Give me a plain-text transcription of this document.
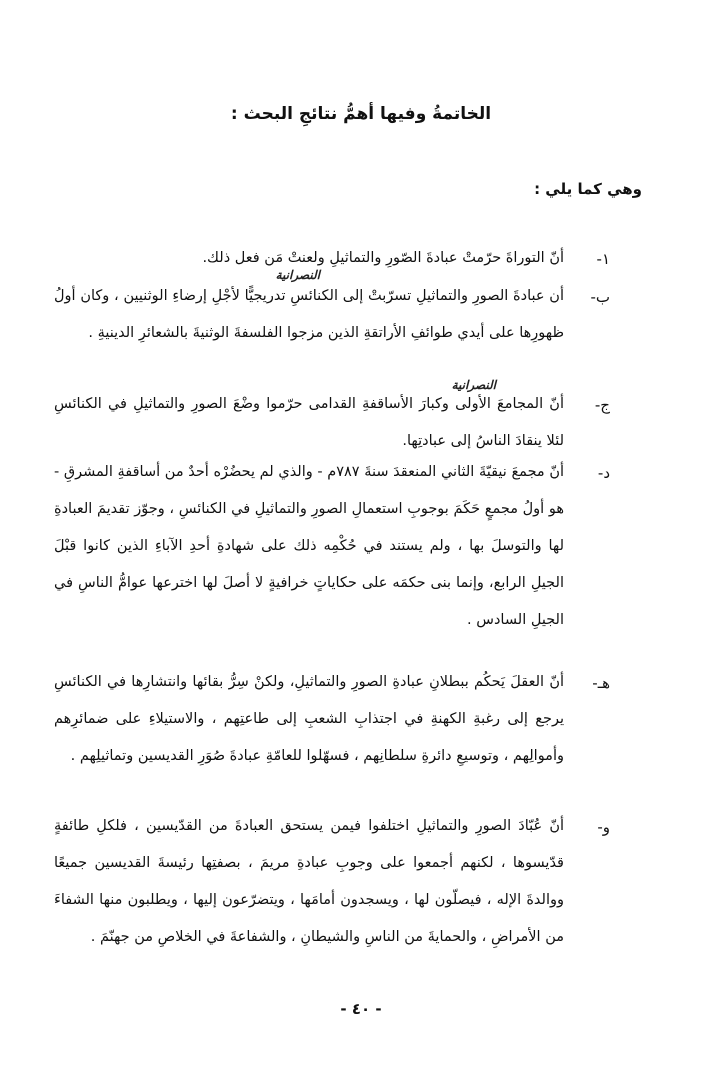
الخاتمةُ وفيها أهمُّ نتائجِ البحث :
وهي كما يلي :
١-
أنّ التوراةَ حرّمتْ عبادةَ الصّورِ والتماثيلِ ولعنتْ مَن فعل ذلك.
النصرانية
ب-
أن عبادةَ الصورِ والتماثيلِ تسرّبتْ إلى الكنائسِ تدريجيًّا لأجْلِ إرضاءِ الوثنيين ، وكان أولُ ظهورِها على أيدي طوائفِ الأراتقةِ الذين مزجوا الفلسفةَ الوثنيةَ بالشعائرِ الدينيةِ .
النصرانية
ج-
أنّ المجامعَ الأولى وكبارَ الأساقفةِ القدامى حرّموا وضْعَ الصورِ والتماثيلِ في الكنائسِ لئلا ينقادَ الناسُ إلى عبادتِها.
د-
أنّ مجمعَ نيقيّةَ الثاني المنعقدَ سنةَ ٧٨٧م - والذي لم يحضُرْه أحدٌ من أساقفةِ المشرقِ - هو أولُ مجمعٍ حَكَمَ بوجوبِ استعمالِ الصورِ والتماثيلِ في الكنائسِ ، وجوّز تقديمَ العبادةِ لها والتوسلَ بها ، ولم يستند في حُكْمِه ذلك على شهادةِ أحدِ الآباءِ الذين كانوا قبْلَ الجيلِ الرابع، وإنما بنى حكمَه على حكاياتٍ خرافيةٍ لا أصلَ لها اخترعها عوامُّ الناسِ في الجيلِ السادس .
هـ-
أنّ العقلَ يَحكُم ببطلانِ عبادةِ الصورِ والتماثيلِ، ولكنْ سِرُّ بقائها وانتشارِها في الكنائسِ يرجع إلى رغبةِ الكهنةِ في اجتذابِ الشعبِ إلى طاعتِهم ، والاستيلاءِ على ضمائرِهم وأموالِهم ، وتوسيعِ دائرةِ سلطانِهم ، فسهّلوا للعامّةِ عبادةَ صُوَرِ القديسين وتماثيلِهم .
و-
أنّ عُبّادَ الصورِ والتماثيلِ اختلفوا فيمن يستحق العبادةَ من القدّيسين ، فلكلِ طائفةٍ قدّيسوها ، لكنهم أجمعوا على وجوبِ عبادةِ مريمَ ، بصفتِها رئيسةَ القديسين جميعًا ووالدةَ الإله ، فيصلّون لها ، ويسجدون أمامَها ، ويتضرّعون إليها ، ويطلبون منها الشفاءَ من الأمراضِ ، والحمايةَ من الناسِ والشيطانِ ، والشفاعةَ في الخلاصِ من جهنّمَ .
- ٤٠ -
